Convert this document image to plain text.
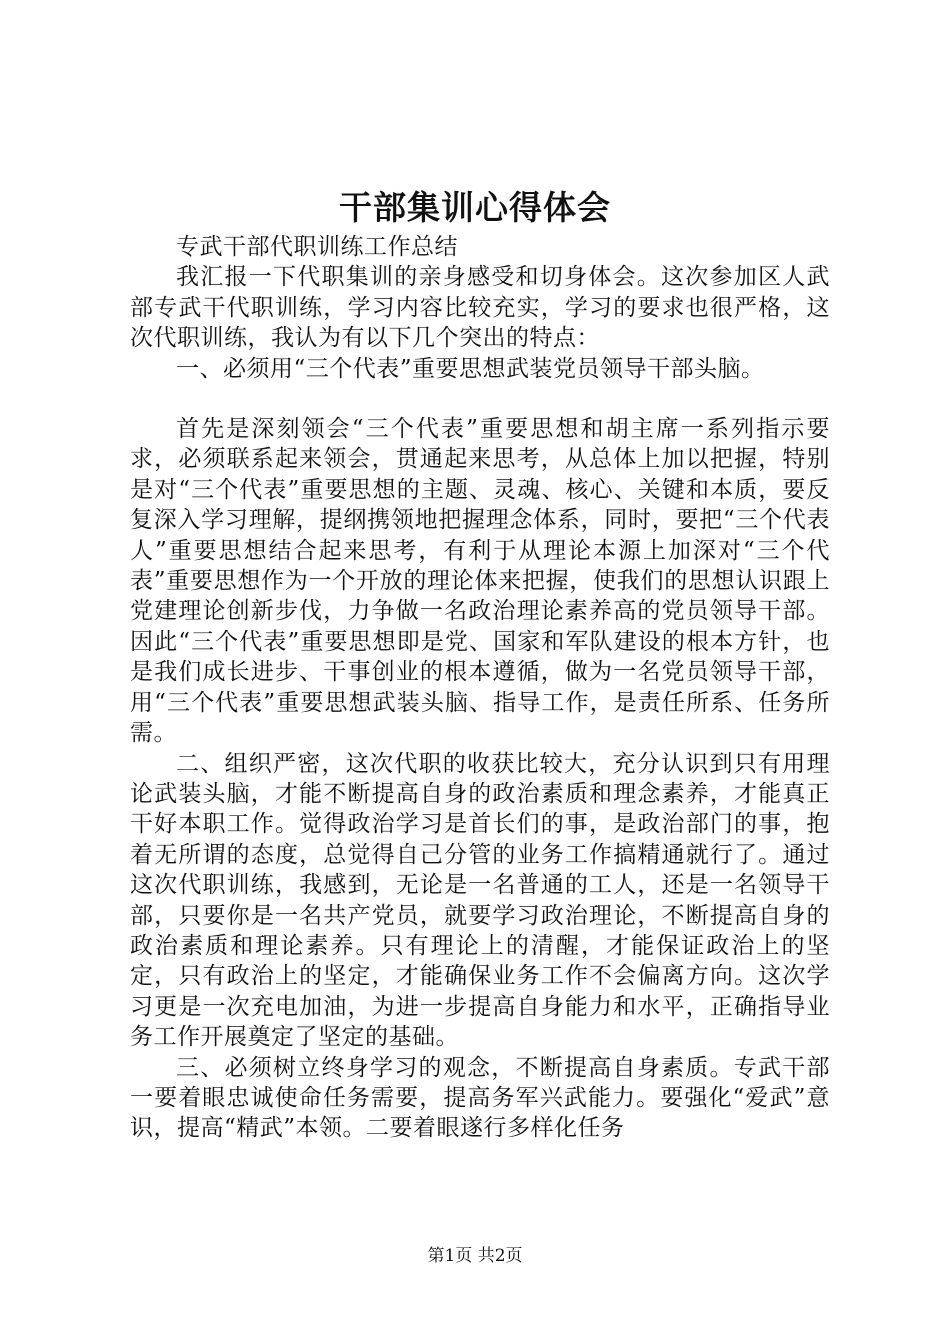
干部集训心得体会

专武干部代职训练工作总结

我汇报一下代职集训的亲身感受和切身体会。这次参加区人武部专武干代职训练，学习内容比较充实，学习的要求也很严格，这次代职训练，我认为有以下几个突出的特点：

一、必须用“三个代表”重要思想武装党员领导干部头脑。

首先是深刻领会“三个代表”重要思想和胡主席一系列指示要求，必须联系起来领会，贯通起来思考，从总体上加以把握，特别是对“三个代表”重要思想的主题、灵魂、核心、关键和本质，要反复深入学习理解，提纲携领地把握理念体系，同时，要把“三个代表人”重要思想结合起来思考，有利于从理论本源上加深对“三个代表”重要思想作为一个开放的理论体来把握，使我们的思想认识跟上党建理论创新步伐，力争做一名政治理论素养高的党员领导干部。因此“三个代表”重要思想即是党、国家和军队建设的根本方针，也是我们成长进步、干事创业的根本遵循，做为一名党员领导干部，用“三个代表”重要思想武装头脑、指导工作，是责任所系、任务所需。

二、组织严密，这次代职的收获比较大，充分认识到只有用理论武装头脑，才能不断提高自身的政治素质和理念素养，才能真正干好本职工作。觉得政治学习是首长们的事，是政治部门的事，抱着无所谓的态度，总觉得自己分管的业务工作搞精通就行了。通过这次代职训练，我感到，无论是一名普通的工人，还是一名领导干部，只要你是一名共产党员，就要学习政治理论，不断提高自身的政治素质和理论素养。只有理论上的清醒，才能保证政治上的坚定，只有政治上的坚定，才能确保业务工作不会偏离方向。这次学习更是一次充电加油，为进一步提高自身能力和水平，正确指导业务工作开展奠定了坚定的基础。

三、必须树立终身学习的观念，不断提高自身素质。专武干部一要着眼忠诚使命任务需要，提高务军兴武能力。要强化“爱武”意识，提高“精武”本领。二要着眼遂行多样化任务

第1页 共2页
